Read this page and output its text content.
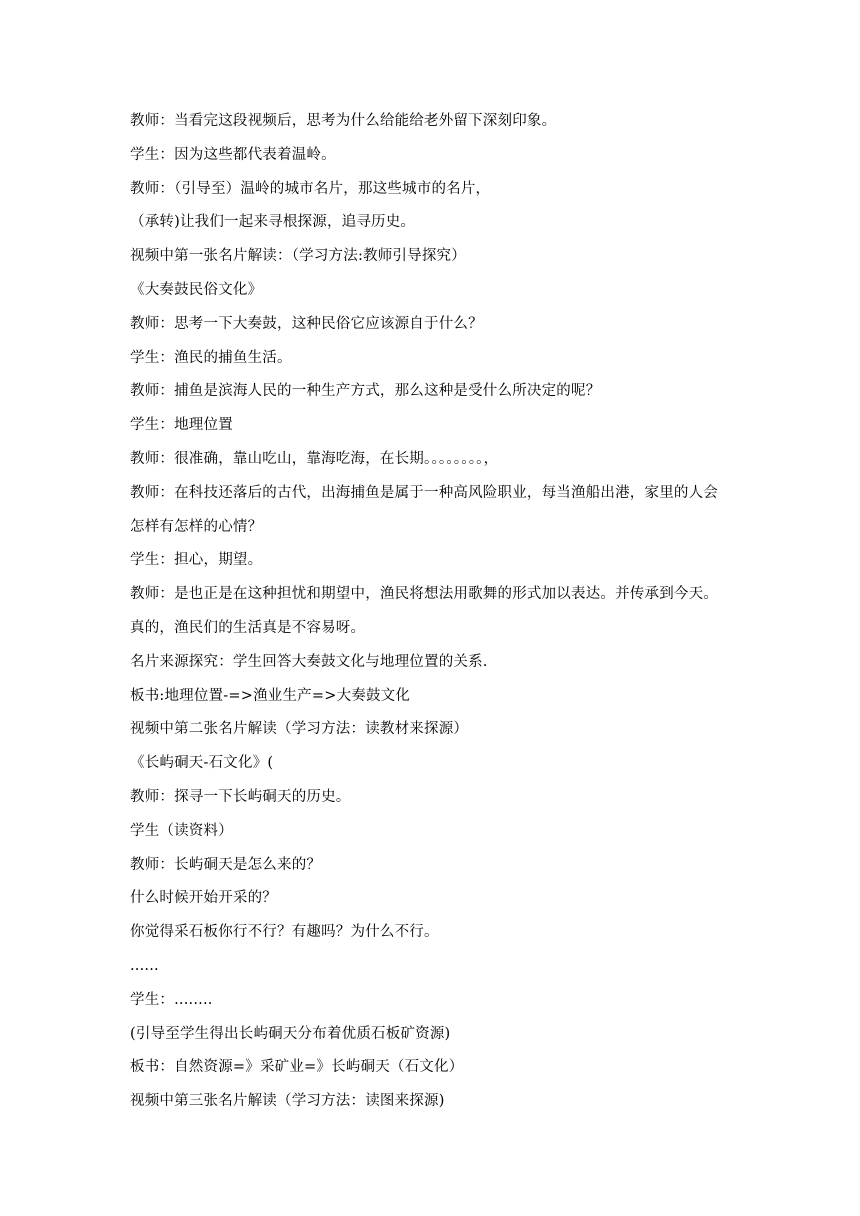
教师：当看完这段视频后，思考为什么给能给老外留下深刻印象。
学生：因为这些都代表着温岭。
教师：（引导至）温岭的城市名片，那这些城市的名片，
（承转)让我们一起来寻根探源，追寻历史。
视频中第一张名片解读：（学习方法:教师引导探究）
《大奏鼓民俗文化》
教师：思考一下大奏鼓，这种民俗它应该源自于什么？
学生：渔民的捕鱼生活。
教师：捕鱼是滨海人民的一种生产方式，那么这种是受什么所决定的呢？
学生：地理位置
教师：很准确，靠山吃山，靠海吃海，在长期。。。。。。。。，
教师：在科技还落后的古代，出海捕鱼是属于一种高风险职业，每当渔船出港，家里的人会
怎样有怎样的心情？
学生：担心，期望。
教师：是也正是在这种担忧和期望中，渔民将想法用歌舞的形式加以表达。并传承到今天。
真的，渔民们的生活真是不容易呀。
名片来源探究：学生回答大奏鼓文化与地理位置的关系.
板书:地理位置-=>渔业生产=>大奏鼓文化
视频中第二张名片解读（学习方法：读教材来探源）
《长屿硐天-石文化》(
教师：探寻一下长屿硐天的历史。
学生（读资料）
教师：长屿硐天是怎么来的？
什么时候开始开采的？
你觉得采石板你行不行？有趣吗？为什么不行。
......
学生：........
(引导至学生得出长屿硐天分布着优质石板矿资源)
板书：自然资源=》采矿业=》长屿硐天（石文化）
视频中第三张名片解读（学习方法：读图来探源)
